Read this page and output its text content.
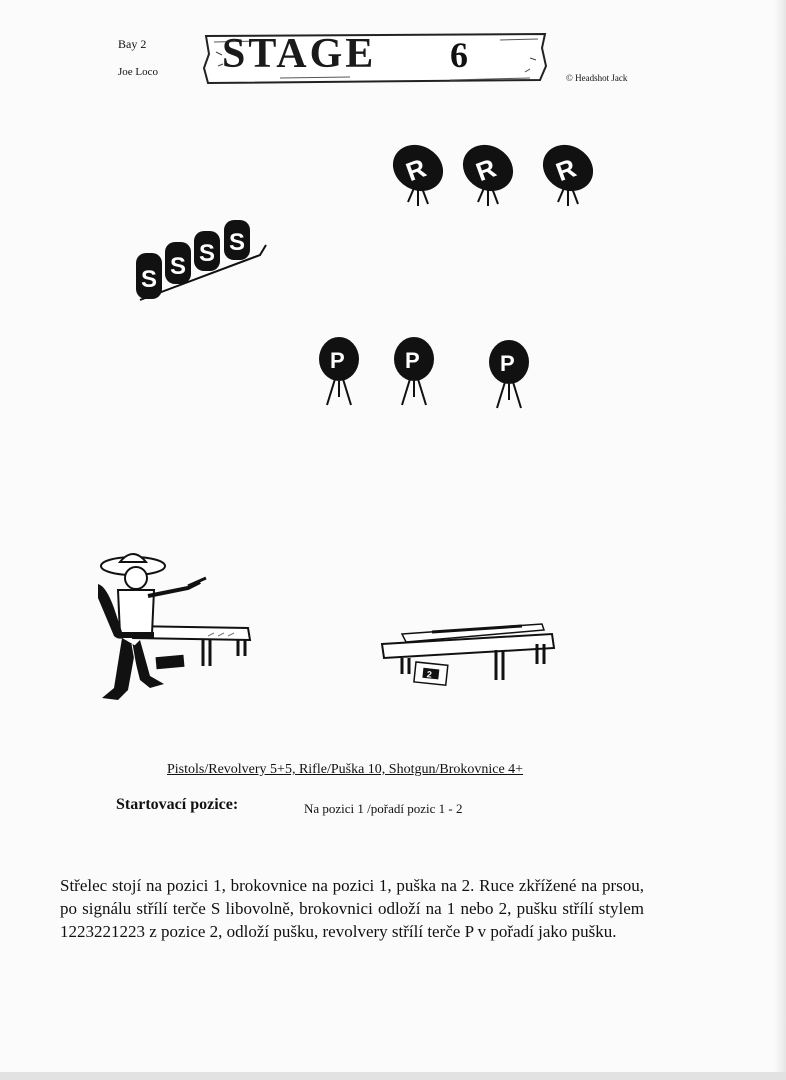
Bay 2
Joe Loco	© Headshot Jack
STAGE 6
R R R
S S S S
P	P	P
2
Pistols/Revolvery 5+5, Rifle/Puška 10, Shotgun/Brokovnice 4+
Startovací pozice:	Na pozici 1 /pořadí pozic 1 - 2
Střelec stojí na pozici 1, brokovnice na pozici 1, puška na 2. Ruce zkřížené na prsou, po signálu střílí terče S libovolně, brokovnici odloží na 1 nebo 2, pušku střílí stylem 1223221223 z pozice 2, odloží pušku, revolvery střílí terče P v pořadí jako pušku.
